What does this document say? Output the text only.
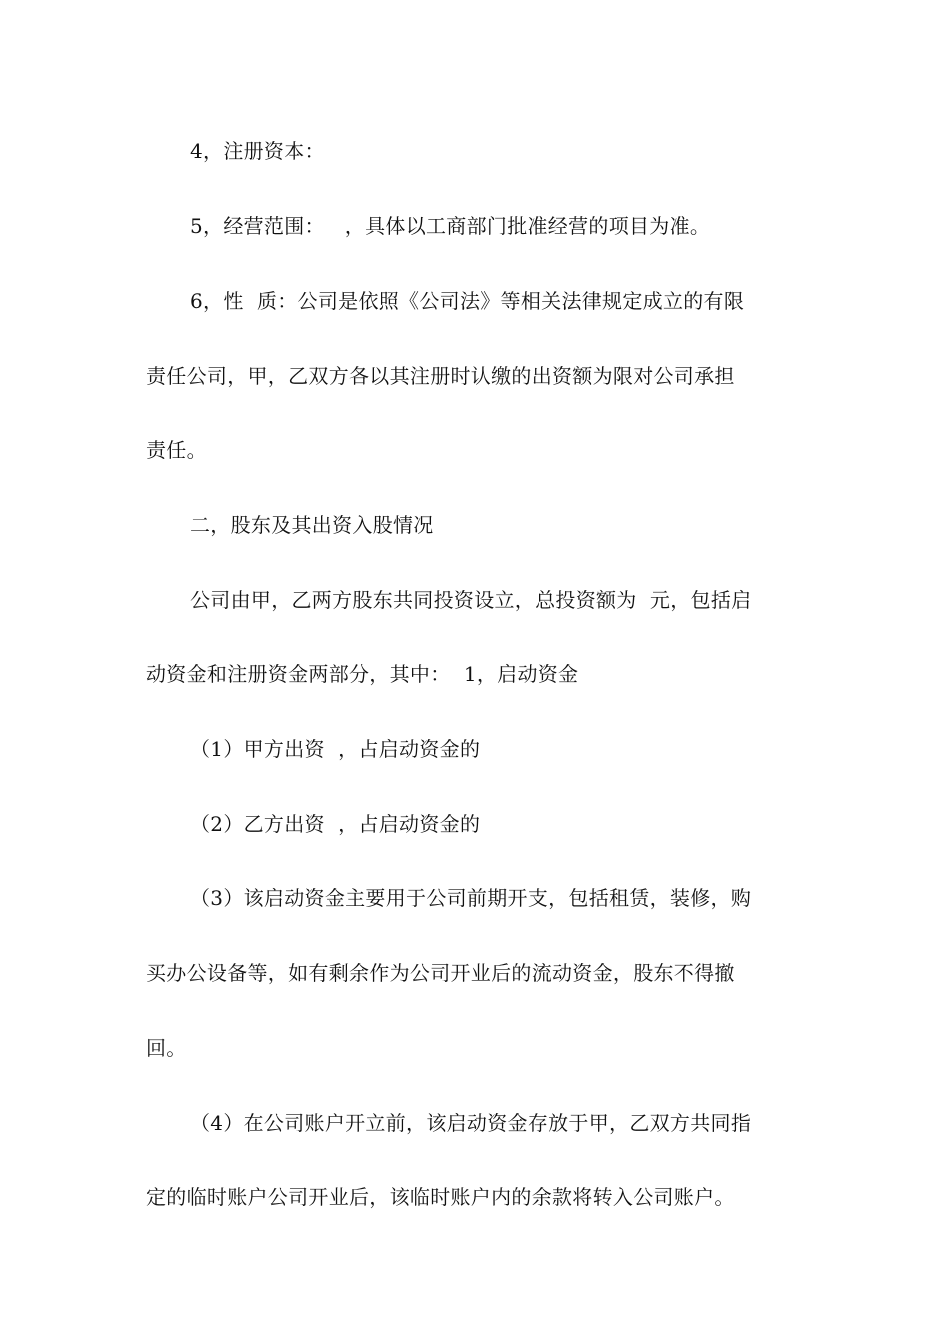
4，注册资本：
5，经营范围：   ，具体以工商部门批准经营的项目为准。
6，性  质：公司是依照《公司法》等相关法律规定成立的有限
责任公司，甲，乙双方各以其注册时认缴的出资额为限对公司承担
责任。
二，股东及其出资入股情况
公司由甲，乙两方股东共同投资设立，总投资额为  元，包括启
动资金和注册资金两部分，其中：  1，启动资金
（1）甲方出资  ，占启动资金的
（2）乙方出资  ，占启动资金的
（3）该启动资金主要用于公司前期开支，包括租赁，装修，购
买办公设备等，如有剩余作为公司开业后的流动资金，股东不得撤
回。
（4）在公司账户开立前，该启动资金存放于甲，乙双方共同指
定的临时账户公司开业后，该临时账户内的余款将转入公司账户。
